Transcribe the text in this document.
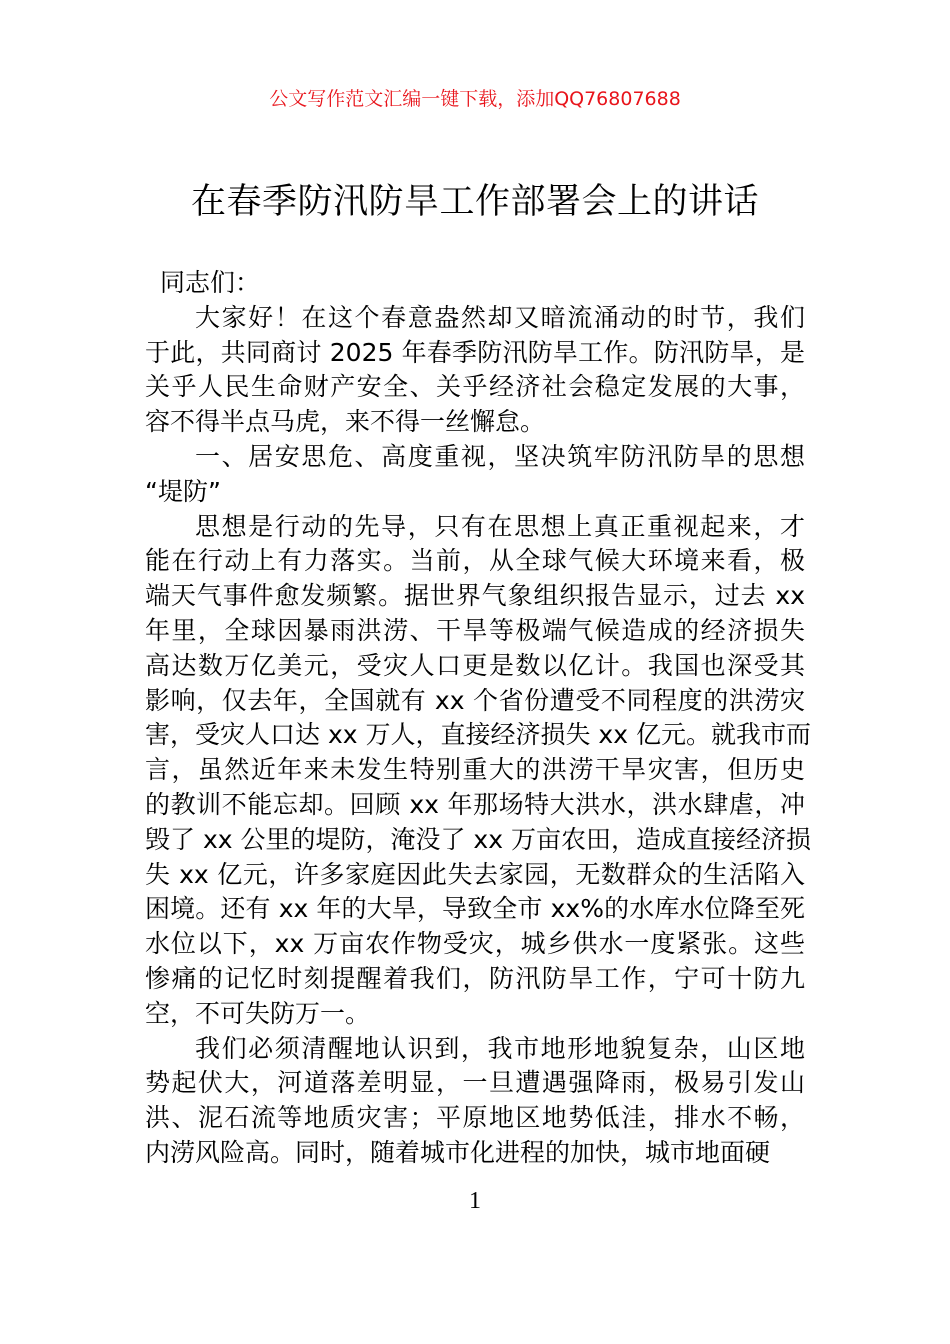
公文写作范文汇编一键下载，添加QQ76807688
在春季防汛防旱工作部署会上的讲话
同志们：
大家好！在这个春意盎然却又暗流涌动的时节，我们
于此，共同商讨 2025 年春季防汛防旱工作。防汛防旱，是
关乎人民生命财产安全、关乎经济社会稳定发展的大事，
容不得半点马虎，来不得一丝懈怠。
一、居安思危、高度重视，坚决筑牢防汛防旱的思想
“堤防”
思想是行动的先导，只有在思想上真正重视起来，才
能在行动上有力落实。当前，从全球气候大环境来看，极
端天气事件愈发频繁。据世界气象组织报告显示，过去 xx
年里，全球因暴雨洪涝、干旱等极端气候造成的经济损失
高达数万亿美元，受灾人口更是数以亿计。我国也深受其
影响，仅去年，全国就有 xx 个省份遭受不同程度的洪涝灾
害，受灾人口达 xx 万人，直接经济损失 xx 亿元。就我市而
言，虽然近年来未发生特别重大的洪涝干旱灾害，但历史
的教训不能忘却。回顾 xx 年那场特大洪水，洪水肆虐，冲
毁了 xx 公里的堤防，淹没了 xx 万亩农田，造成直接经济损
失 xx 亿元，许多家庭因此失去家园，无数群众的生活陷入
困境。还有 xx 年的大旱，导致全市 xx%的水库水位降至死
水位以下，xx 万亩农作物受灾，城乡供水一度紧张。这些
惨痛的记忆时刻提醒着我们，防汛防旱工作，宁可十防九
空，不可失防万一。
我们必须清醒地认识到，我市地形地貌复杂，山区地
势起伏大，河道落差明显，一旦遭遇强降雨，极易引发山
洪、泥石流等地质灾害；平原地区地势低洼，排水不畅，
内涝风险高。同时，随着城市化进程的加快，城市地面硬
1
